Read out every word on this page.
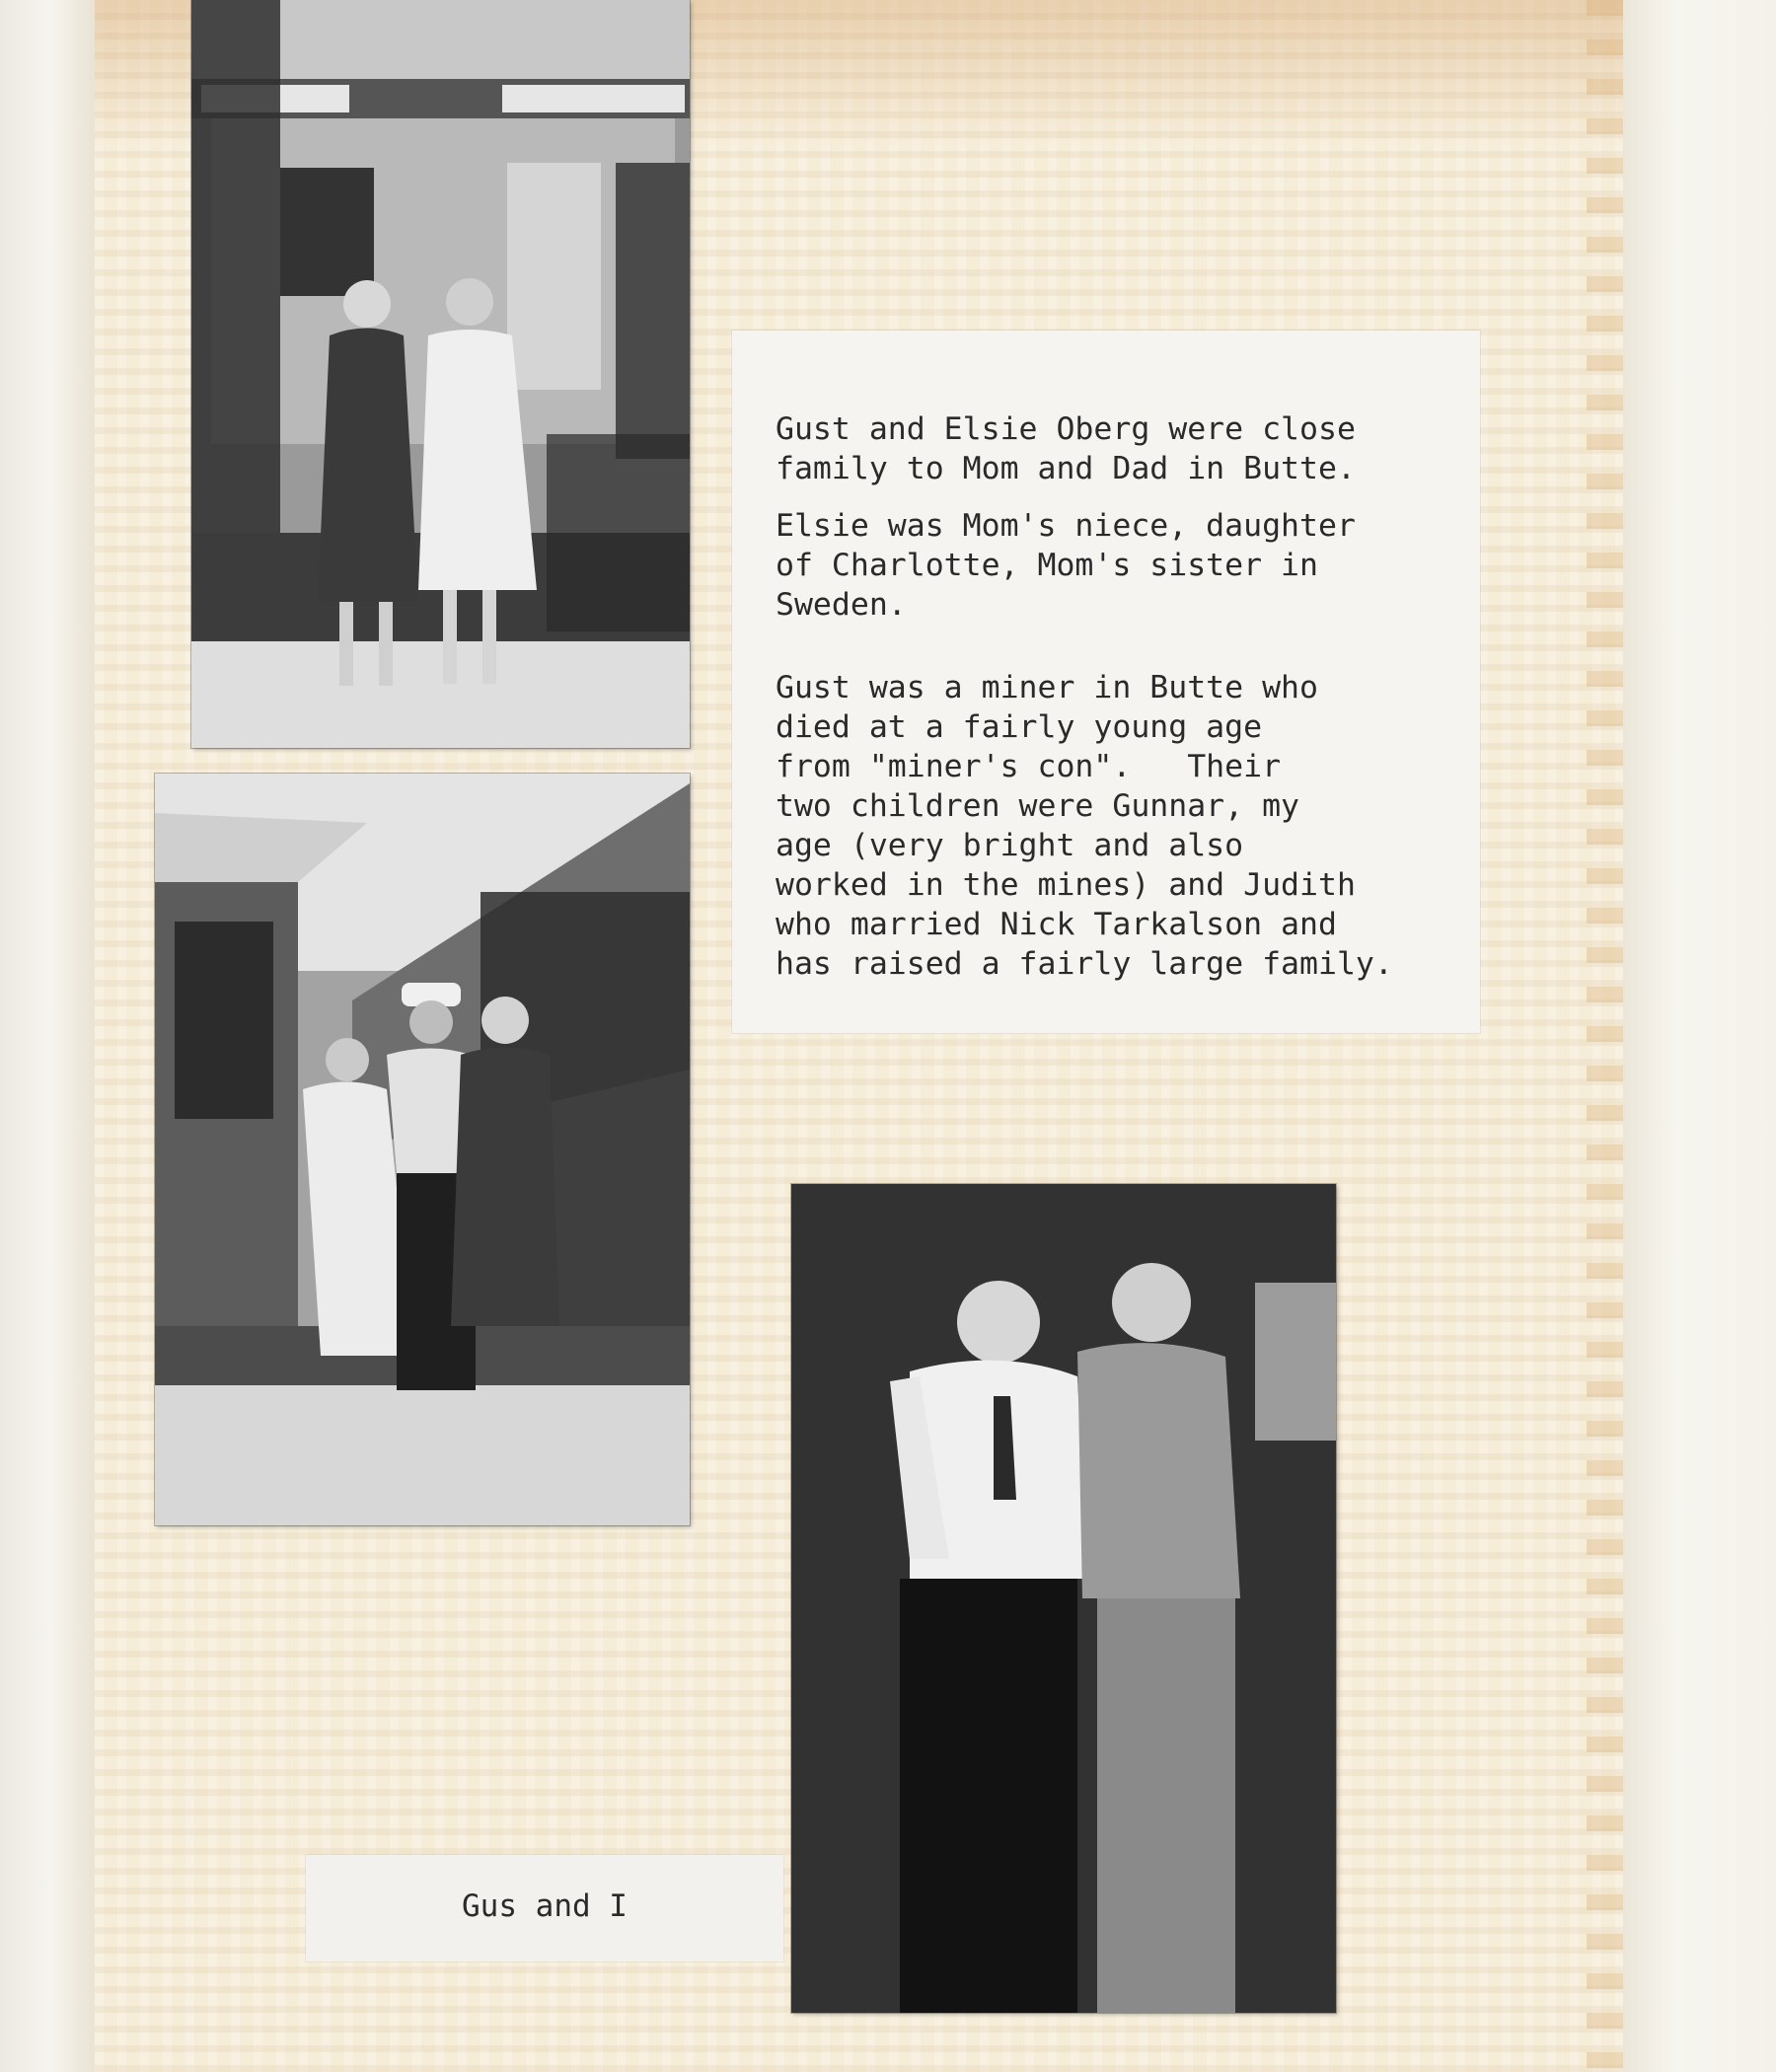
Gust and Elsie Oberg were close
family to Mom and Dad in Butte.

Elsie was Mom's niece, daughter
of Charlotte, Mom's sister in
Sweden.

Gust was a miner in Butte who
died at a fairly young age
from "miner's con".   Their
two children were Gunnar, my
age (very bright and also
worked in the mines) and Judith
who married Nick Tarkalson and
has raised a fairly large family.

Gus and I
